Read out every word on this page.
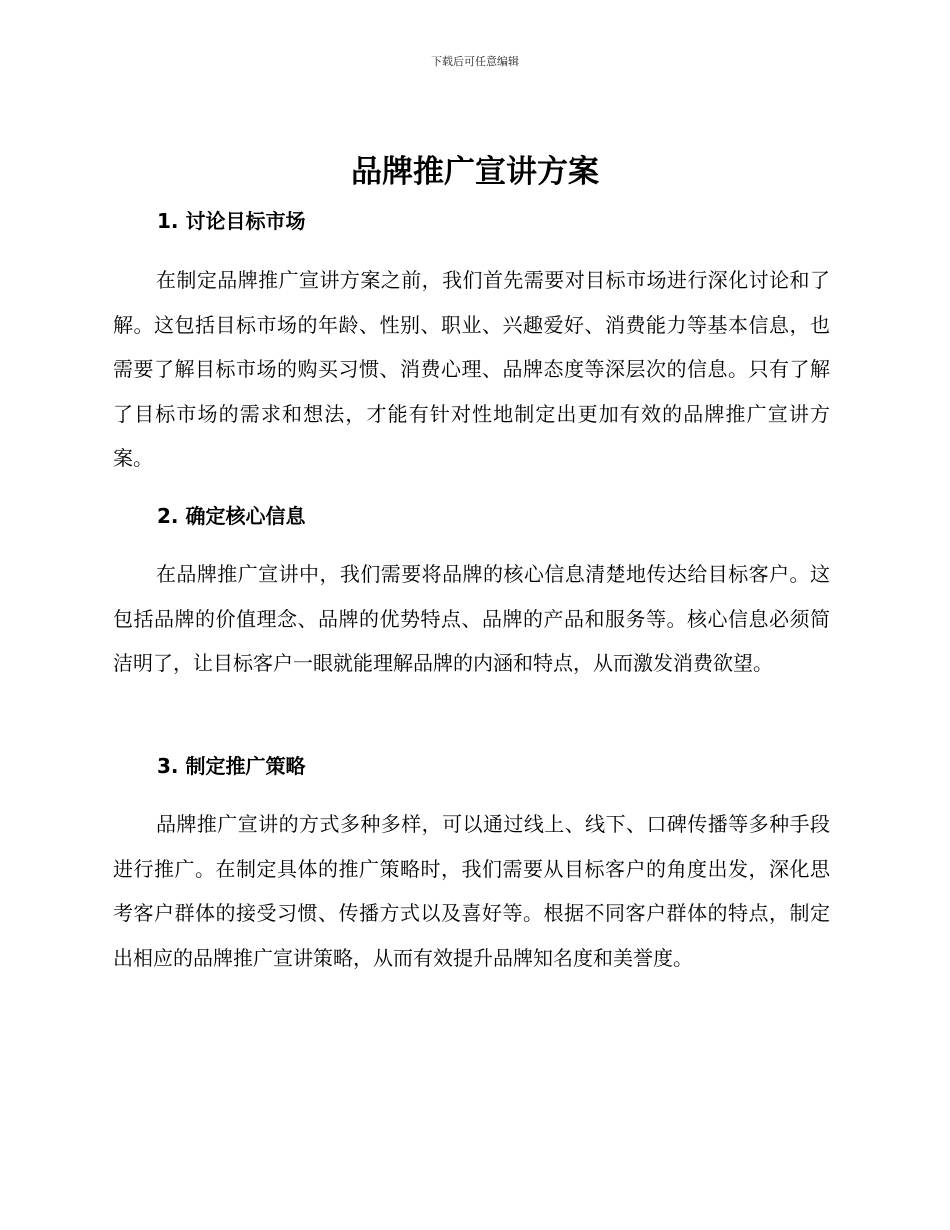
下载后可任意编辑
品牌推广宣讲方案
1. 讨论目标市场

在制定品牌推广宣讲方案之前，我们首先需要对目标市场进行深化讨论和了解。这包括目标市场的年龄、性别、职业、兴趣爱好、消费能力等基本信息，也需要了解目标市场的购买习惯、消费心理、品牌态度等深层次的信息。只有了解了目标市场的需求和想法，才能有针对性地制定出更加有效的品牌推广宣讲方案。

2. 确定核心信息

在品牌推广宣讲中，我们需要将品牌的核心信息清楚地传达给目标客户。这包括品牌的价值理念、品牌的优势特点、品牌的产品和服务等。核心信息必须简洁明了，让目标客户一眼就能理解品牌的内涵和特点，从而激发消费欲望。

3. 制定推广策略

品牌推广宣讲的方式多种多样，可以通过线上、线下、口碑传播等多种手段进行推广。在制定具体的推广策略时，我们需要从目标客户的角度出发，深化思考客户群体的接受习惯、传播方式以及喜好等。根据不同客户群体的特点，制定出相应的品牌推广宣讲策略，从而有效提升品牌知名度和美誉度。
